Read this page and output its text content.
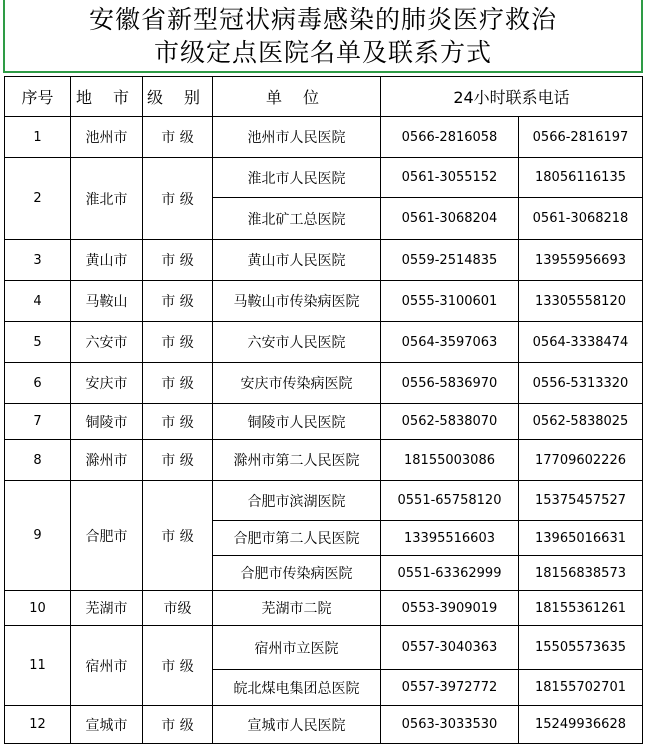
安徽省新型冠状病毒感染的肺炎医疗救治
市级定点医院名单及联系方式
序号	地 市	级 别	单 位	24小时联系电话	
1	池州市	市 级	池州市人民医院	0566-2816058	0566-2816197
2	淮北市	市 级	淮北市人民医院	0561-3055152	18056116135
			淮北矿工总医院	0561-3068204	0561-3068218
3	黄山市	市 级	黄山市人民医院	0559-2514835	13955956693
4	马鞍山	市 级	马鞍山市传染病医院	0555-3100601	13305558120
5	六安市	市 级	六安市人民医院	0564-3597063	0564-3338474
6	安庆市	市 级	安庆市传染病医院	0556-5836970	0556-5313320
7	铜陵市	市 级	铜陵市人民医院	0562-5838070	0562-5838025
8	滁州市	市 级	滁州市第二人民医院	18155003086	17709602226
9	合肥市	市 级	合肥市滨湖医院	0551-65758120	15375457527
			合肥市第二人民医院	13395516603	13965016631
			合肥市传染病医院	0551-63362999	18156838573
10	芜湖市	市级	芜湖市二院	0553-3909019	18155361261
11	宿州市	市 级	宿州市立医院	0557-3040363	15505573635
			皖北煤电集团总医院	0557-3972772	18155702701
12	宣城市	市 级	宣城市人民医院	0563-3033530	15249936628
